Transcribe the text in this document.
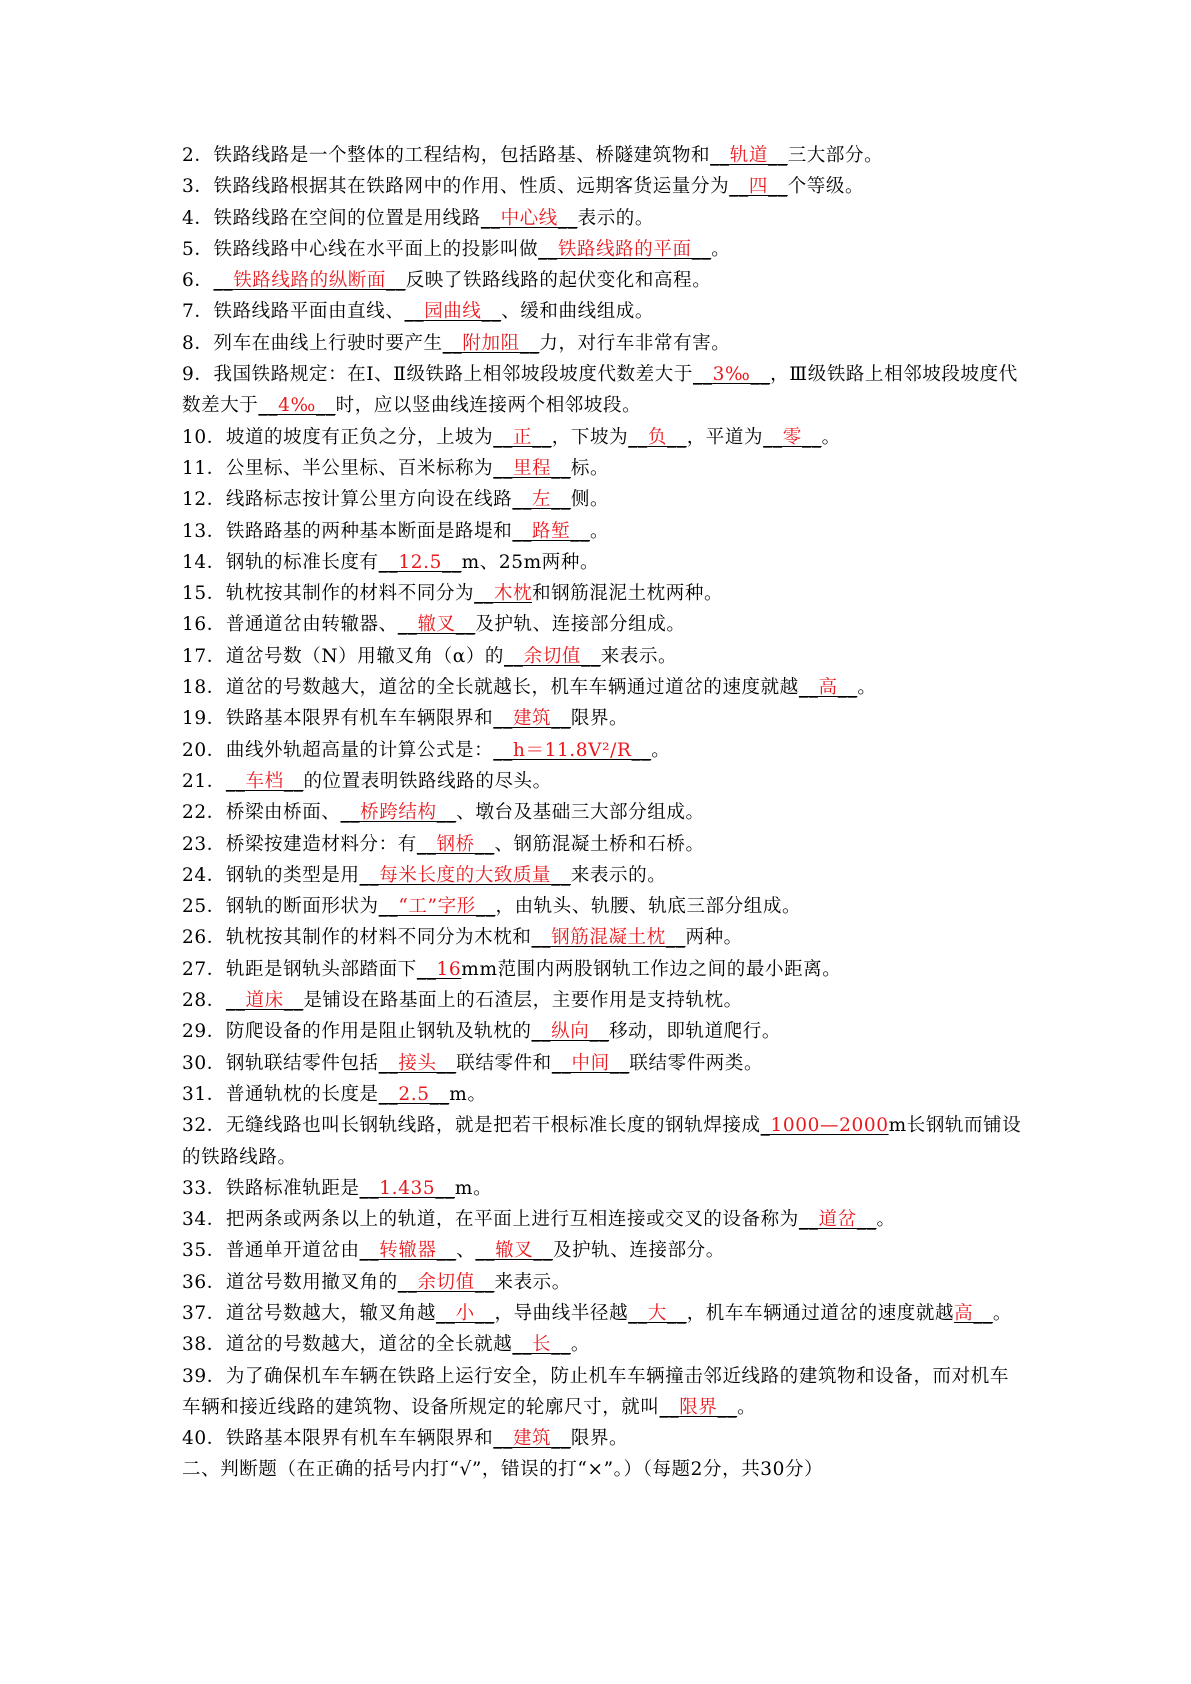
2．铁路线路是一个整体的工程结构，包括路基、桥隧建筑物和__轨道__三大部分。
3．铁路线路根据其在铁路网中的作用、性质、远期客货运量分为__四__个等级。
4．铁路线路在空间的位置是用线路__中心线__表示的。
5．铁路线路中心线在水平面上的投影叫做__铁路线路的平面__。
6．__铁路线路的纵断面__反映了铁路线路的起伏变化和高程。
7．铁路线路平面由直线、__园曲线__、缓和曲线组成。
8．列车在曲线上行驶时要产生__附加阻__力，对行车非常有害。
9．我国铁路规定：在Ⅰ、Ⅱ级铁路上相邻坡段坡度代数差大于__3‰__，Ⅲ级铁路上相邻坡段坡度代数差大于__4‰__时，应以竖曲线连接两个相邻坡段。
10．坡道的坡度有正负之分，上坡为__正__，下坡为__负__，平道为__零__。
11．公里标、半公里标、百米标称为__里程__标。
12．线路标志按计算公里方向设在线路__左__侧。
13．铁路路基的两种基本断面是路堤和__路堑__。
14．钢轨的标准长度有__12.5__m、25m两种。
15．轨枕按其制作的材料不同分为__木枕和钢筋混泥土枕两种。
16．普通道岔由转辙器、__辙叉__及护轨、连接部分组成。
17．道岔号数（N）用辙叉角（α）的__余切值__来表示。
18．道岔的号数越大，道岔的全长就越长，机车车辆通过道岔的速度就越__高__。
19．铁路基本限界有机车车辆限界和__建筑__限界。
20．曲线外轨超高量的计算公式是：__h＝11.8V²/R__。
21．__车档__的位置表明铁路线路的尽头。
22．桥梁由桥面、__桥跨结构__、墩台及基础三大部分组成。
23．桥梁按建造材料分：有__钢桥__、钢筋混凝土桥和石桥。
24．钢轨的类型是用__每米长度的大致质量__来表示的。
25．钢轨的断面形状为__“工”字形__，由轨头、轨腰、轨底三部分组成。
26．轨枕按其制作的材料不同分为木枕和__钢筋混凝土枕__两种。
27．轨距是钢轨头部踏面下__16mm范围内两股钢轨工作边之间的最小距离。
28．__道床__是铺设在路基面上的石渣层，主要作用是支持轨枕。
29．防爬设备的作用是阻止钢轨及轨枕的__纵向__移动，即轨道爬行。
30．钢轨联结零件包括__接头__联结零件和__中间__联结零件两类。
31．普通轨枕的长度是__2.5__m。
32．无缝线路也叫长钢轨线路，就是把若干根标准长度的钢轨焊接成_1000—2000m长钢轨而铺设的铁路线路。
33．铁路标准轨距是__1.435__m。
34．把两条或两条以上的轨道，在平面上进行互相连接或交叉的设备称为__道岔__。
35．普通单开道岔由__转辙器__、__辙叉__及护轨、连接部分。
36．道岔号数用撤叉角的__余切值__来表示。
37．道岔号数越大，辙叉角越__小__，导曲线半径越__大__，机车车辆通过道岔的速度就越高__。
38．道岔的号数越大，道岔的全长就越__长__。
39．为了确保机车车辆在铁路上运行安全，防止机车车辆撞击邻近线路的建筑物和设备，而对机车车辆和接近线路的建筑物、设备所规定的轮廓尺寸，就叫__限界__。
40．铁路基本限界有机车车辆限界和__建筑__限界。
二、判断题（在正确的括号内打“√”，错误的打“×”。）（每题2分，共30分）
